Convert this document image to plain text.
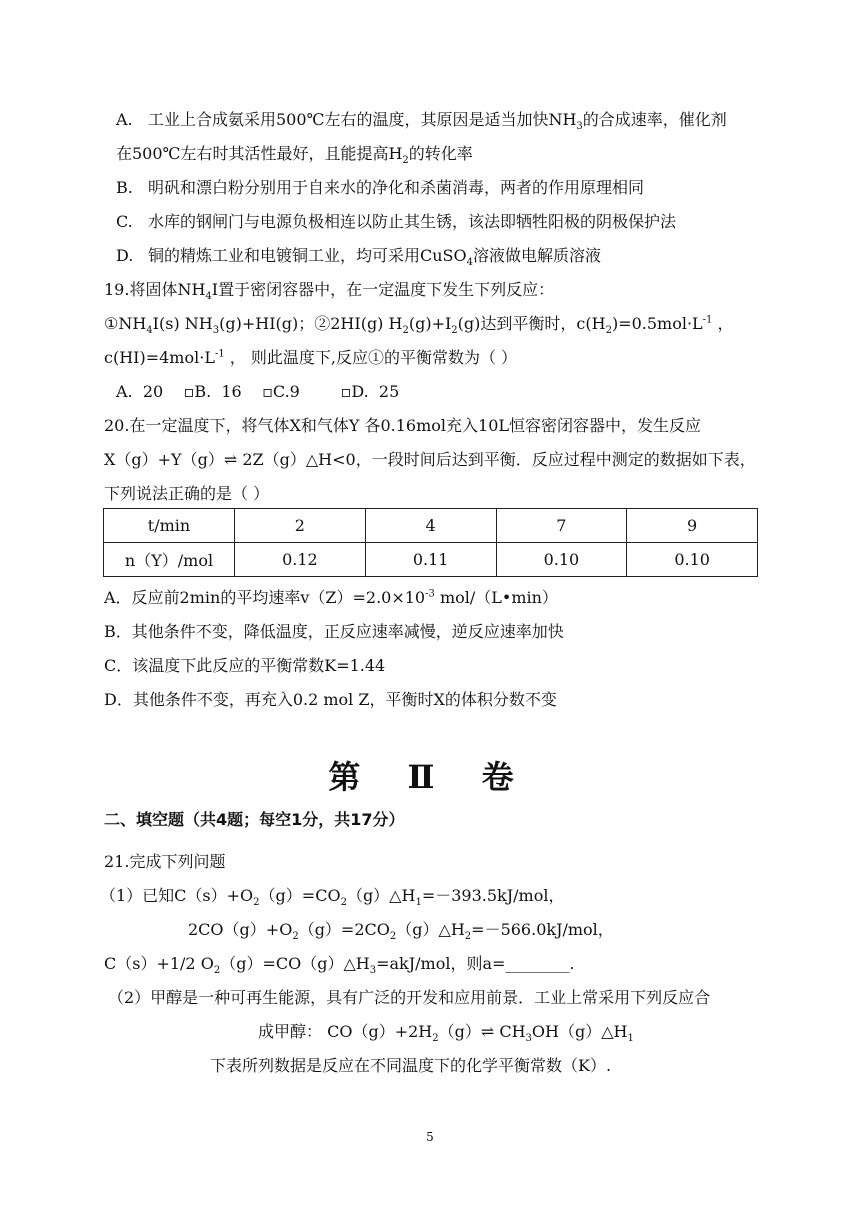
A. 工业上合成氨采用500℃左右的温度，其原因是适当加快$NH_3$的合成速率，催化剂
在500℃左右时其活性最好，且能提高$H_2$的转化率
B. 明矾和漂白粉分别用于自来水的净化和杀菌消毒，两者的作用原理相同
C. 水库的钢闸门与电源负极相连以防止其生锈，该法即牺牲阳极的阴极保护法
D. 铜的精炼工业和电镀铜工业，均可采用CuSO$_4$溶液做电解质溶液
19.将固体$NH_4I$置于密闭容器中，在一定温度下发生下列反应：
$①NH_4I(s)$ $NH_3(g)+HI(g)$；②2HI(g) $H_2(g)+I_2(g)$达到平衡时，$c(H_2)=0.5mol\cdot L^{-1}$ ，
$c(HI)=4mol\cdot L^{-1}$ ， 则此温度下,反应①的平衡常数为（ ）
A.  20    ▫B.  16    ▫C.9        ▫D.  25
20.在一定温度下，将气体X和气体Y 各0.16mol充入10L恒容密闭容器中，发生反应
X（g）+Y（g）⇌ 2Z（g）△H<0，一段时间后达到平衡．反应过程中测定的数据如下表，
下列说法正确的是（ ）
t/min	2	4	7	9
n（Y）/mol	0.12	0.11	0.10	0.10
A．反应前2min的平均速率$v(Z)=2.0\times 10^{-3}$ mol/（L•min）
B．其他条件不变，降低温度，正反应速率减慢，逆反应速率加快
C．该温度下此反应的平衡常数K=1.44
D．其他条件不变，再充入0.2 mol Z，平衡时X的体积分数不变
第 Ⅱ 卷
二、填空题（共4题；每空1分，共17分）
21.完成下列问题
（1）已知$C(s)+O_2(g)=CO_2(g)\triangle H_1=-393.5kJ$/mol，
$2CO(g)+O_2(g)=2CO_2(g)\triangle H_2=-566.0kJ$/mol，
C（s）+1/2 $O_2(g)=CO(g)\triangle H_3=akJ$/mol，则a=________.
（2）甲醇是一种可再生能源，具有广泛的开发和应用前景．工业上常采用下列反应合
成甲醇： $CO(g)+2H_2(g)\rightleftharpoons$ $CH_3OH(g)\triangle H_1$
下表所列数据是反应在不同温度下的化学平衡常数（K）.
5
